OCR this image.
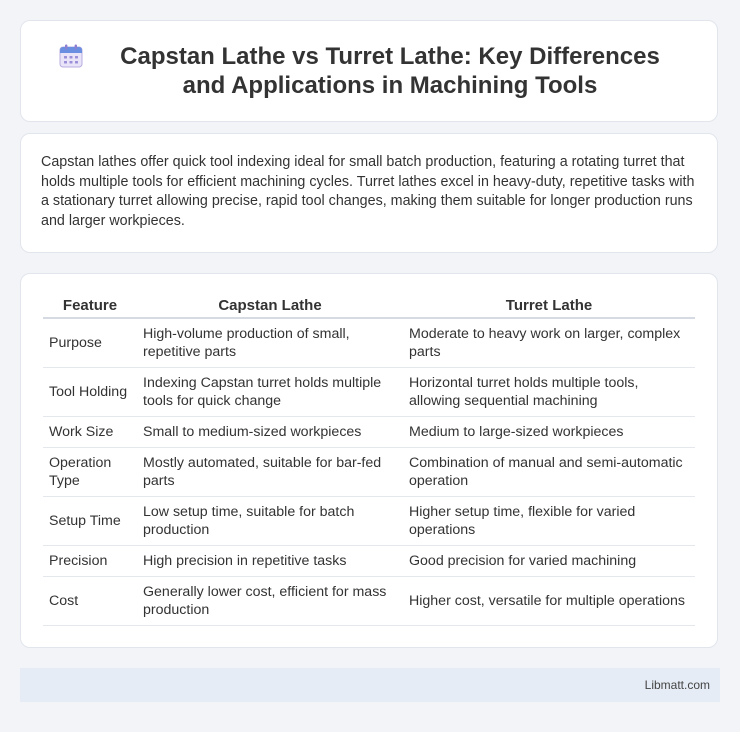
Capstan Lathe vs Turret Lathe: Key Differences and Applications in Machining Tools

Capstan lathes offer quick tool indexing ideal for small batch production, featuring a rotating turret that holds multiple tools for efficient machining cycles. Turret lathes excel in heavy-duty, repetitive tasks with a stationary turret allowing precise, rapid tool changes, making them suitable for longer production runs and larger workpieces.

Feature	Capstan Lathe	Turret Lathe
Purpose	High-volume production of small, repetitive parts	Moderate to heavy work on larger, complex parts
Tool Holding	Indexing Capstan turret holds multiple tools for quick change	Horizontal turret holds multiple tools, allowing sequential machining
Work Size	Small to medium-sized workpieces	Medium to large-sized workpieces
Operation Type	Mostly automated, suitable for bar-fed parts	Combination of manual and semi-automatic operation
Setup Time	Low setup time, suitable for batch production	Higher setup time, flexible for varied operations
Precision	High precision in repetitive tasks	Good precision for varied machining
Cost	Generally lower cost, efficient for mass production	Higher cost, versatile for multiple operations
Libmatt.com
